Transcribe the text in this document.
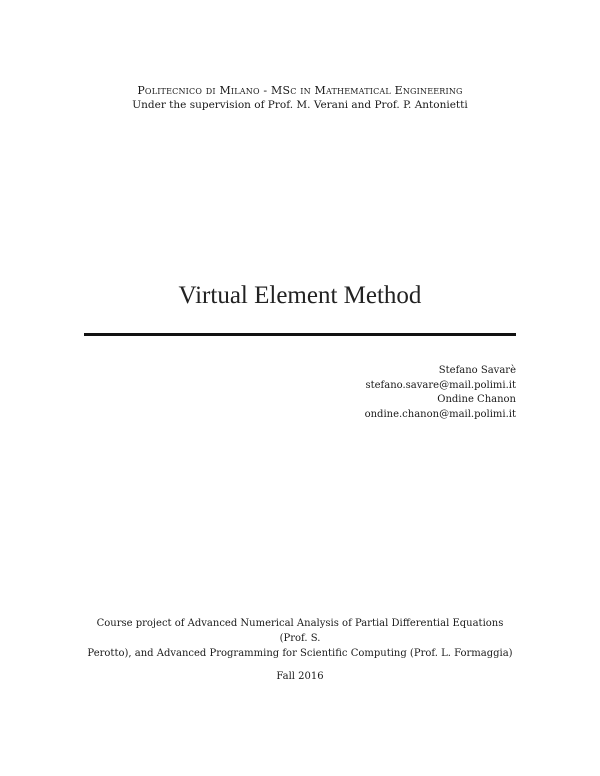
Politecnico di Milano - MSc in Mathematical Engineering
Under the supervision of Prof. M. Verani and Prof. P. Antonietti
Virtual Element Method
Stefano Savarè
stefano.savare@mail.polimi.it
Ondine Chanon
ondine.chanon@mail.polimi.it
Course project of Advanced Numerical Analysis of Partial Differential Equations (Prof. S.
Perotto), and Advanced Programming for Scientific Computing (Prof. L. Formaggia)
Fall 2016
